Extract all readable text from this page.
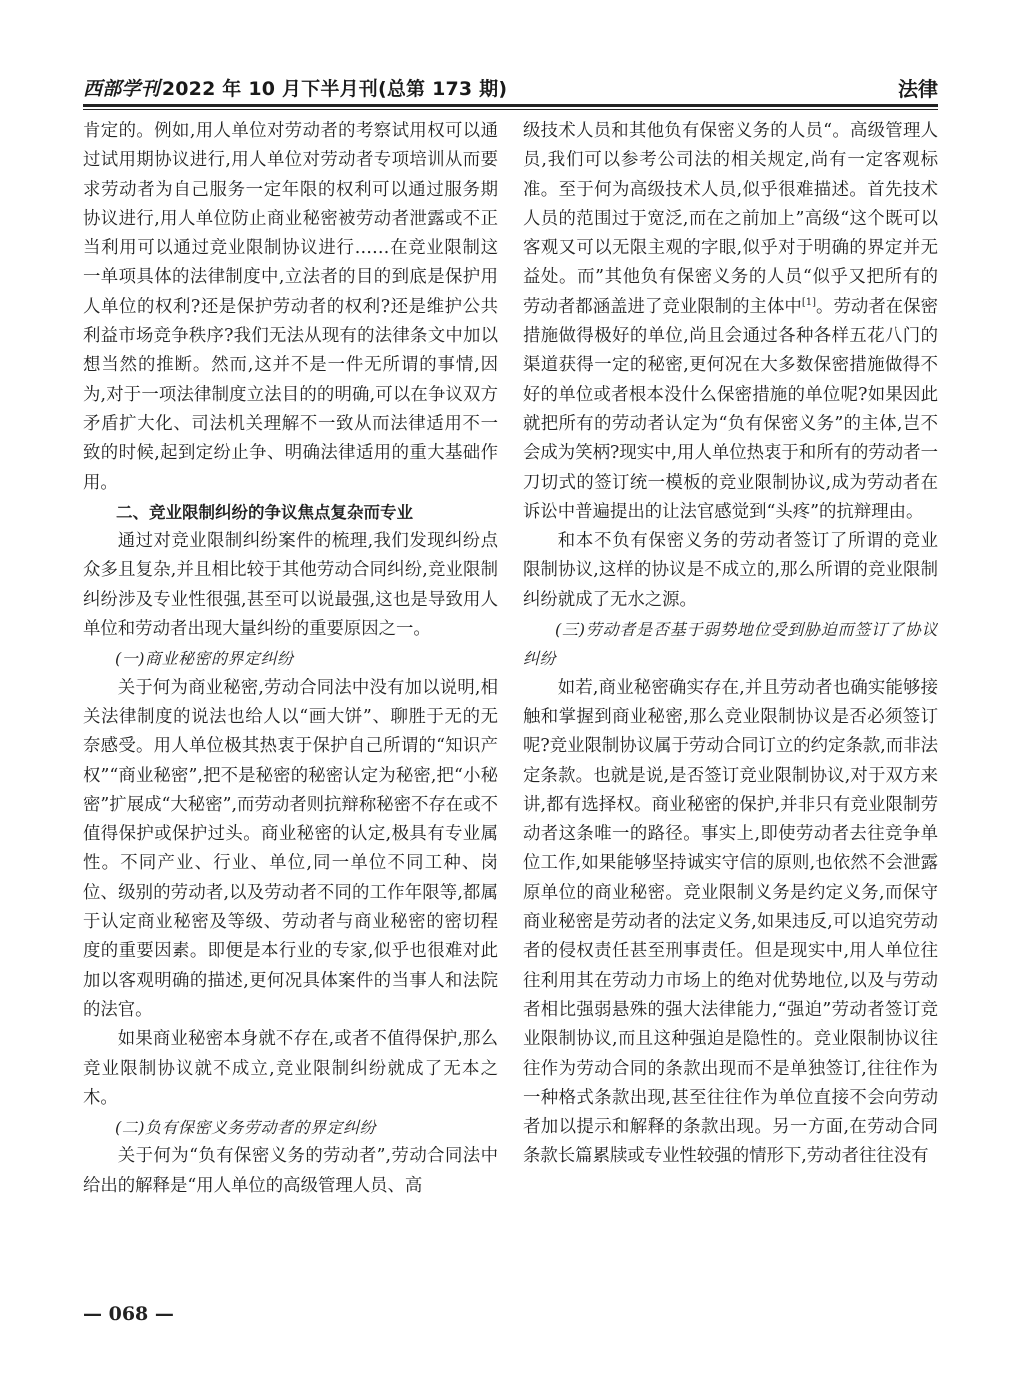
西部学刊 2022 年 10 月下半月刊(总第 173 期)	法律

肯定的。例如,用人单位对劳动者的考察试用权可以通过试用期协议进行,用人单位对劳动者专项培训从而要求劳动者为自己服务一定年限的权利可以通过服务期协议进行,用人单位防止商业秘密被劳动者泄露或不正当利用可以通过竞业限制协议进行……在竞业限制这一单项具体的法律制度中,立法者的目的到底是保护用人单位的权利?还是保护劳动者的权利?还是维护公共利益市场竞争秩序?我们无法从现有的法律条文中加以想当然的推断。然而,这并不是一件无所谓的事情,因为,对于一项法律制度立法目的的明确,可以在争议双方矛盾扩大化、司法机关理解不一致从而法律适用不一致的时候,起到定纷止争、明确法律适用的重大基础作用。

二、竞业限制纠纷的争议焦点复杂而专业

通过对竞业限制纠纷案件的梳理,我们发现纠纷点众多且复杂,并且相比较于其他劳动合同纠纷,竞业限制纠纷涉及专业性很强,甚至可以说最强,这也是导致用人单位和劳动者出现大量纠纷的重要原因之一。

(一)商业秘密的界定纠纷

关于何为商业秘密,劳动合同法中没有加以说明,相关法律制度的说法也给人以“画大饼”、聊胜于无的无奈感受。用人单位极其热衷于保护自己所谓的“知识产权”“商业秘密”,把不是秘密的秘密认定为秘密,把“小秘密”扩展成“大秘密”,而劳动者则抗辩称秘密不存在或不值得保护或保护过头。商业秘密的认定,极具有专业属性。不同产业、行业、单位,同一单位不同工种、岗位、级别的劳动者,以及劳动者不同的工作年限等,都属于认定商业秘密及等级、劳动者与商业秘密的密切程度的重要因素。即便是本行业的专家,似乎也很难对此加以客观明确的描述,更何况具体案件的当事人和法院的法官。

如果商业秘密本身就不存在,或者不值得保护,那么竞业限制协议就不成立,竞业限制纠纷就成了无本之木。

(二)负有保密义务劳动者的界定纠纷

关于何为“负有保密义务的劳动者”,劳动合同法中给出的解释是“用人单位的高级管理人员、高

级技术人员和其他负有保密义务的人员“。高级管理人员,我们可以参考公司法的相关规定,尚有一定客观标准。至于何为高级技术人员,似乎很难描述。首先技术人员的范围过于宽泛,而在之前加上”高级“这个既可以客观又可以无限主观的字眼,似乎对于明确的界定并无益处。而”其他负有保密义务的人员“似乎又把所有的劳动者都涵盖进了竞业限制的主体中[1]。劳动者在保密措施做得极好的单位,尚且会通过各种各样五花八门的渠道获得一定的秘密,更何况在大多数保密措施做得不好的单位或者根本没什么保密措施的单位呢?如果因此就把所有的劳动者认定为“负有保密义务”的主体,岂不会成为笑柄?现实中,用人单位热衷于和所有的劳动者一刀切式的签订统一模板的竞业限制协议,成为劳动者在诉讼中普遍提出的让法官感觉到“头疼”的抗辩理由。

和本不负有保密义务的劳动者签订了所谓的竞业限制协议,这样的协议是不成立的,那么所谓的竞业限制纠纷就成了无水之源。

(三)劳动者是否基于弱势地位受到胁迫而签订了协议纠纷

如若,商业秘密确实存在,并且劳动者也确实能够接触和掌握到商业秘密,那么竞业限制协议是否必须签订呢?竞业限制协议属于劳动合同订立的约定条款,而非法定条款。也就是说,是否签订竞业限制协议,对于双方来讲,都有选择权。商业秘密的保护,并非只有竞业限制劳动者这条唯一的路径。事实上,即使劳动者去往竞争单位工作,如果能够坚持诚实守信的原则,也依然不会泄露原单位的商业秘密。竞业限制义务是约定义务,而保守商业秘密是劳动者的法定义务,如果违反,可以追究劳动者的侵权责任甚至刑事责任。但是现实中,用人单位往往利用其在劳动力市场上的绝对优势地位,以及与劳动者相比强弱悬殊的强大法律能力,“强迫”劳动者签订竞业限制协议,而且这种强迫是隐性的。竞业限制协议往往作为劳动合同的条款出现而不是单独签订,往往作为一种格式条款出现,甚至往往作为单位直接不会向劳动者加以提示和解释的条款出现。另一方面,在劳动合同条款长篇累牍或专业性较强的情形下,劳动者往往没有

— 068 —
